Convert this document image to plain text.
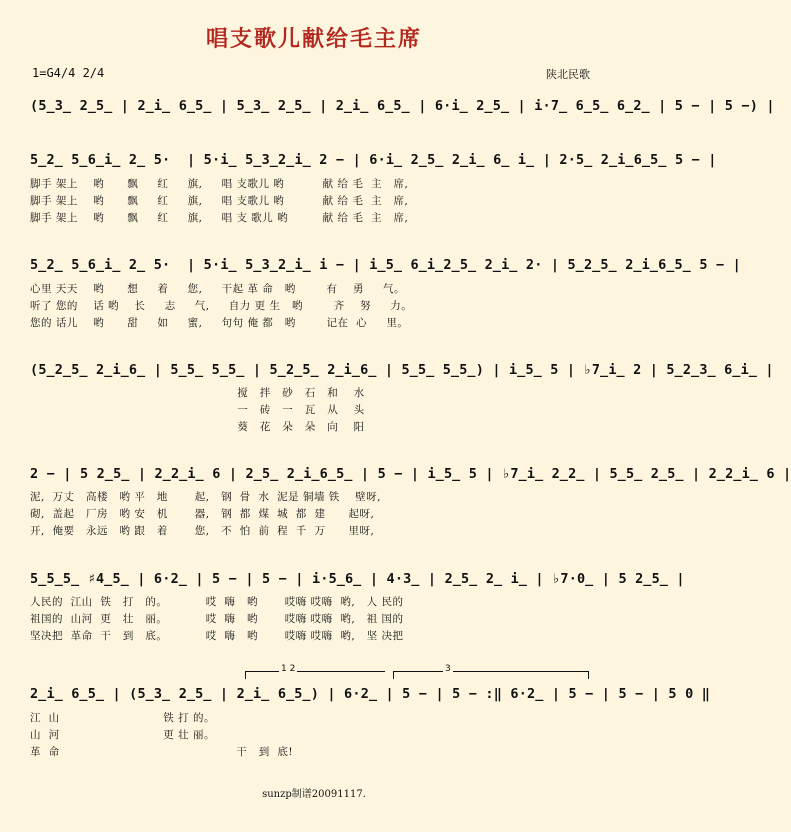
唱支歌儿献给毛主席
1=G4/4 2/4	陕北民歌
(5̲3̲ 2̲5̲ | 2̲i̲ 6̲5̲ | 5̲3̲ 2̲5̲ | 2̲i̲ 6̲5̲ | 6·i̲ 2̲5̲ | i·7̲ 6̲5̲ 6̲2̲ | 5 − | 5 −) |
5̲2̲ 5̲6̲i̲ 2̲ 5·  | 5·i̲ 5̲3̲2̲i̲ 2 − | 6·i̲ 2̲5̲ 2̲i̲ 6̲ i̲ | 2·5̲ 2̲i̲6̲5̲ 5 − |
脚手 架上    哟      飘     红     旗,     唱 支歌儿 哟          献 给 毛  主   席,
脚手 架上    哟      飘     红     旗,     唱 支歌儿 哟          献 给 毛  主   席,
脚手 架上    哟      飘     红     旗,     唱 支 歌儿 哟         献 给 毛  主   席,
5̲2̲ 5̲6̲i̲ 2̲ 5·  | 5·i̲ 5̲3̲2̲i̲ i − | i̲5̲ 6̲i̲2̲5̲ 2̲i̲ 2· | 5̲2̲5̲ 2̲i̲6̲5̲ 5 − |
心里 天天    哟      想     着     您,     干起 革 命   哟        有    勇     气。
听了 您的    话 哟    长     志     气,     自力 更 生   哟        齐    努     力。
您的 话儿    哟      甜     如     蜜,     句句 俺 都   哟        记在  心     里。
(5̲2̲5̲ 2̲i̲6̲ | 5̲5̲ 5̲5̲ | 5̲2̲5̲ 2̲i̲6̲ | 5̲5̲ 5̲5̲) | i̲5̲ 5 | ♭7̲i̲ 2 | 5̲2̲3̲ 6̲i̲ |
搅   拌   砂   石   和    水
一   砖   一   瓦   从    头
葵   花   朵   朵   向    阳
2 − | 5 2̲5̲ | 2̲2̲i̲ 6 | 2̲5̲ 2̲i̲6̲5̲ | 5 − | i̲5̲ 5 | ♭7̲i̲ 2̲2̲ | 5̲5̲ 2̲5̲ | 2̲2̲i̲ 6 |
泥,  万丈   高楼   哟 平   地       起,   钢  骨  水  泥是 铜墙 铁    壁呀,
砌,  盖起   厂房   哟 安   机       器,   钢  都  煤  城  都  建      起呀,
开,  俺要   永远   哟 跟   着       您,   不  怕  前  程  千  万      里呀,
5̲5̲5̲ ♯4̲5̲ | 6·2̲ | 5 − | 5 − | i·5̲6̲ | 4·3̲ | 2̲5̲ 2̲ i̲ | ♭7·0̲ | 5 2̲5̲ |
人民的  江山  铁   打   的。          哎  嗨   哟       哎嗨 哎嗨  哟,   人 民的
祖国的  山河  更   壮   丽。          哎  嗨   哟       哎嗨 哎嗨  哟,   祖 国的
坚决把  革命  干   到   底。          哎  嗨   哟       哎嗨 哎嗨  哟,   坚 决把
1 2	3
2̲i̲ 6̲5̲ | (5̲3̲ 2̲5̲ | 2̲i̲ 6̲5̲) | 6·2̲ | 5 − | 5 − :‖ 6·2̲ | 5 − | 5 − | 5 0 ‖
江  山                           铁 打 的。
山  河                           更 壮 丽。
革  命                                              干   到  底!
sunzp制谱20091117.
